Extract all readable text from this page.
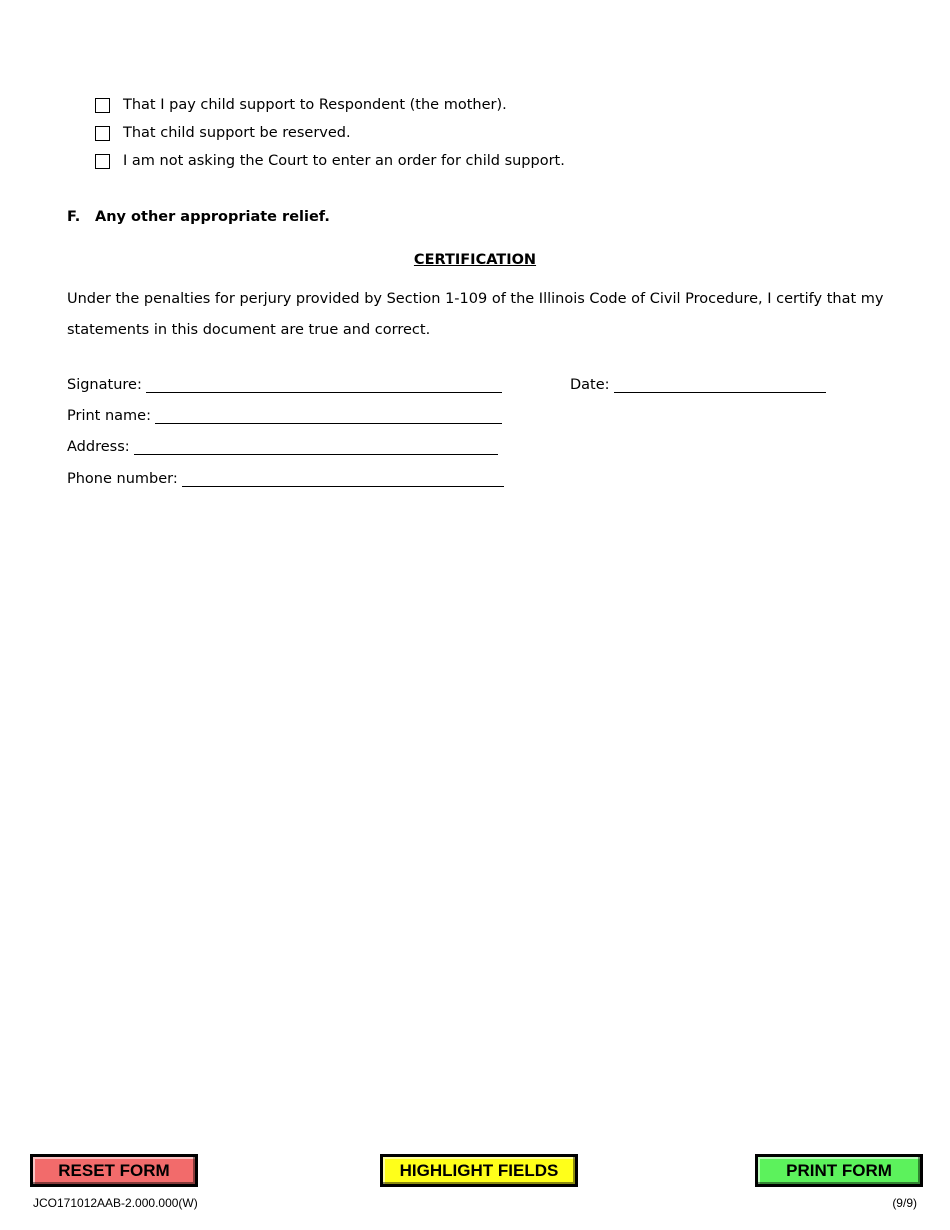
That I pay child support to Respondent (the mother).
That child support be reserved.
I am not asking the Court to enter an order for child support.
F. Any other appropriate relief.
CERTIFICATION
Under the penalties for perjury provided by Section 1-109 of the Illinois Code of Civil Procedure, I certify that my statements in this document are true and correct.
Signature:	Date:
Print name:
Address:
Phone number:
RESET FORM	HIGHLIGHT FIELDS	PRINT FORM
JCO171012AAB-2.000.000(W)	(9/9)
